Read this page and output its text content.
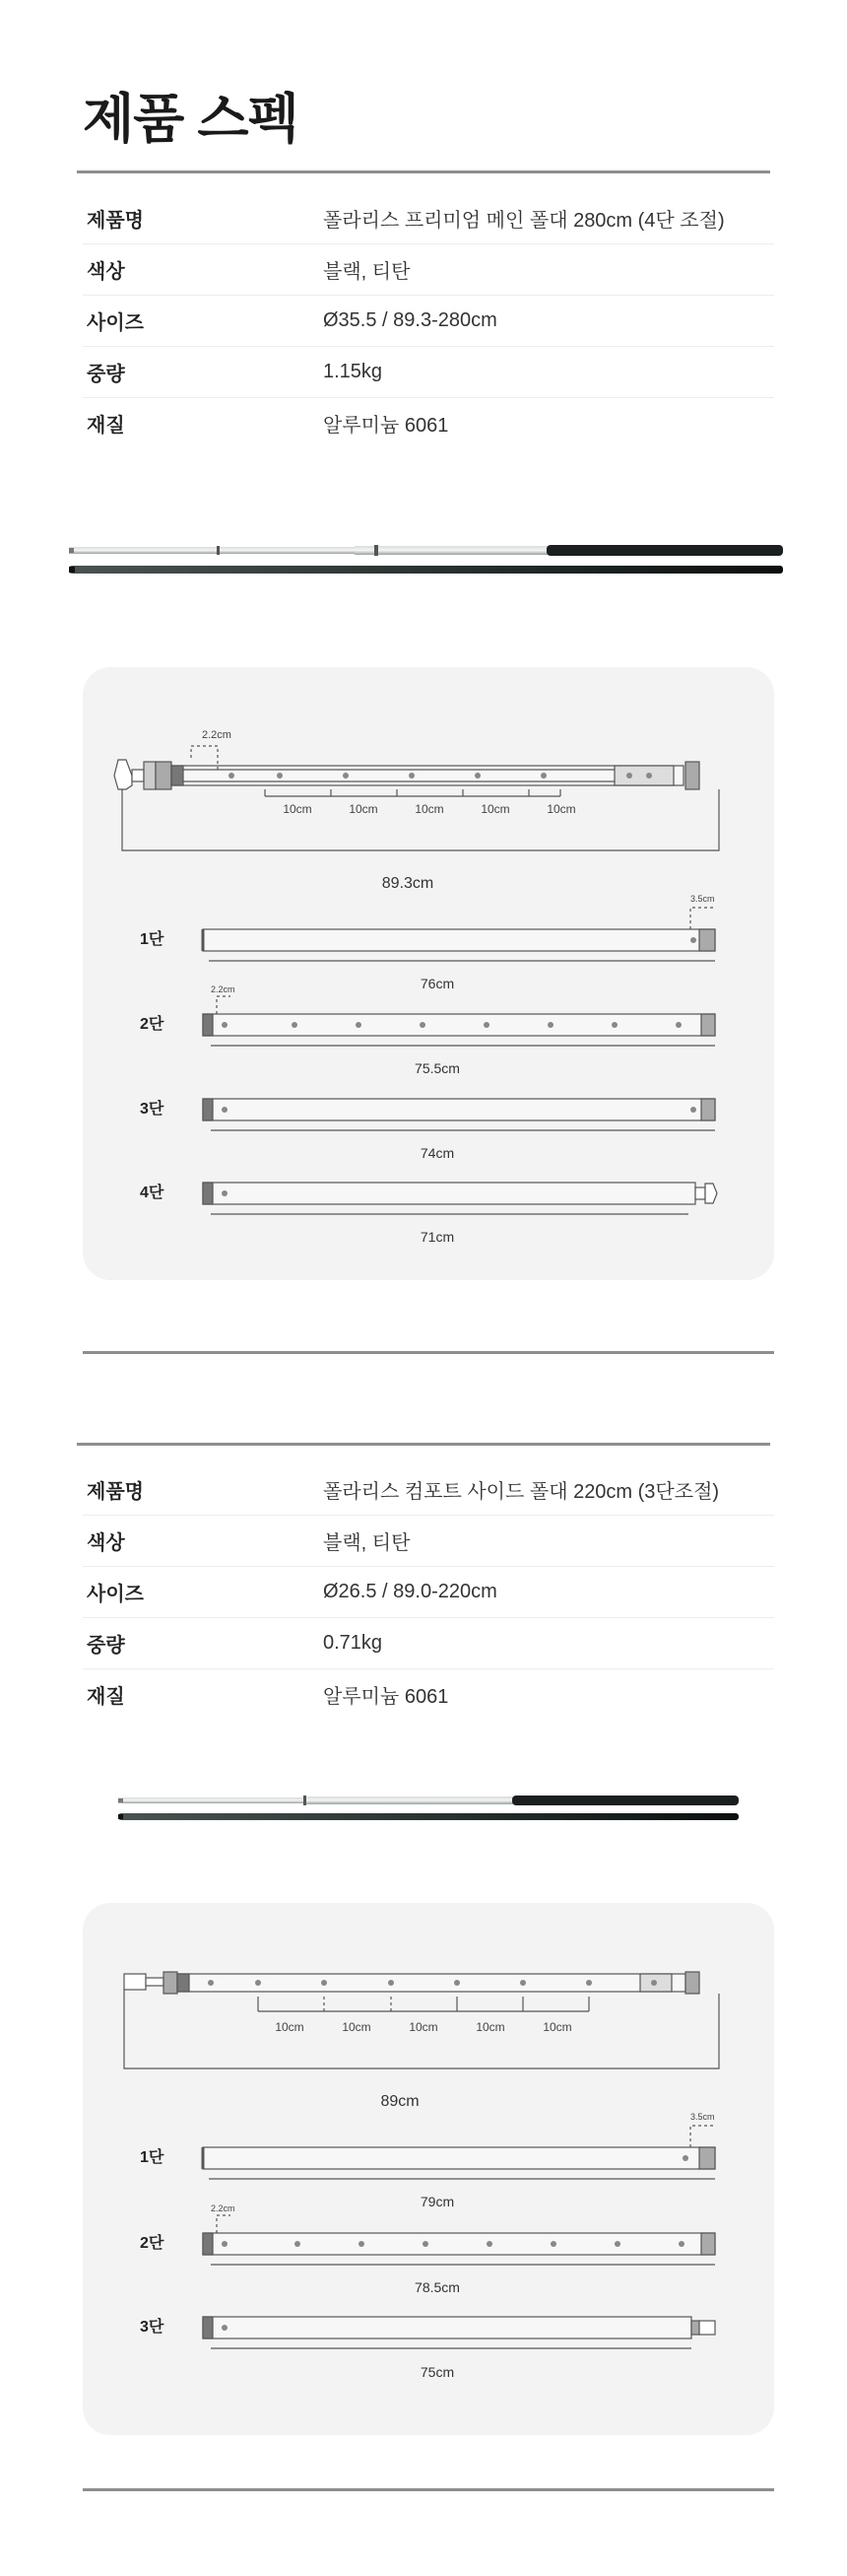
제품 스펙
제품명	폴라리스 프리미엄 메인 폴대 280cm (4단 조절)
색상	블랙, 티탄
사이즈	Ø35.5 / 89.3-280cm
중량	1.15kg
재질	알루미늄 6061
2.2cm
10cm	10cm	10cm	10cm	10cm
89.3cm
1단
3.5cm
76cm
2단
2.2cm
75.5cm
3단
74cm
4단
71cm
제품명	폴라리스 컴포트 사이드 폴대 220cm (3단조절)
색상	블랙, 티탄
사이즈	Ø26.5 / 89.0-220cm
중량	0.71kg
재질	알루미늄 6061
10cm	10cm	10cm	10cm	10cm
89cm
1단
3.5cm
79cm
2단
2.2cm
78.5cm
3단
75cm
